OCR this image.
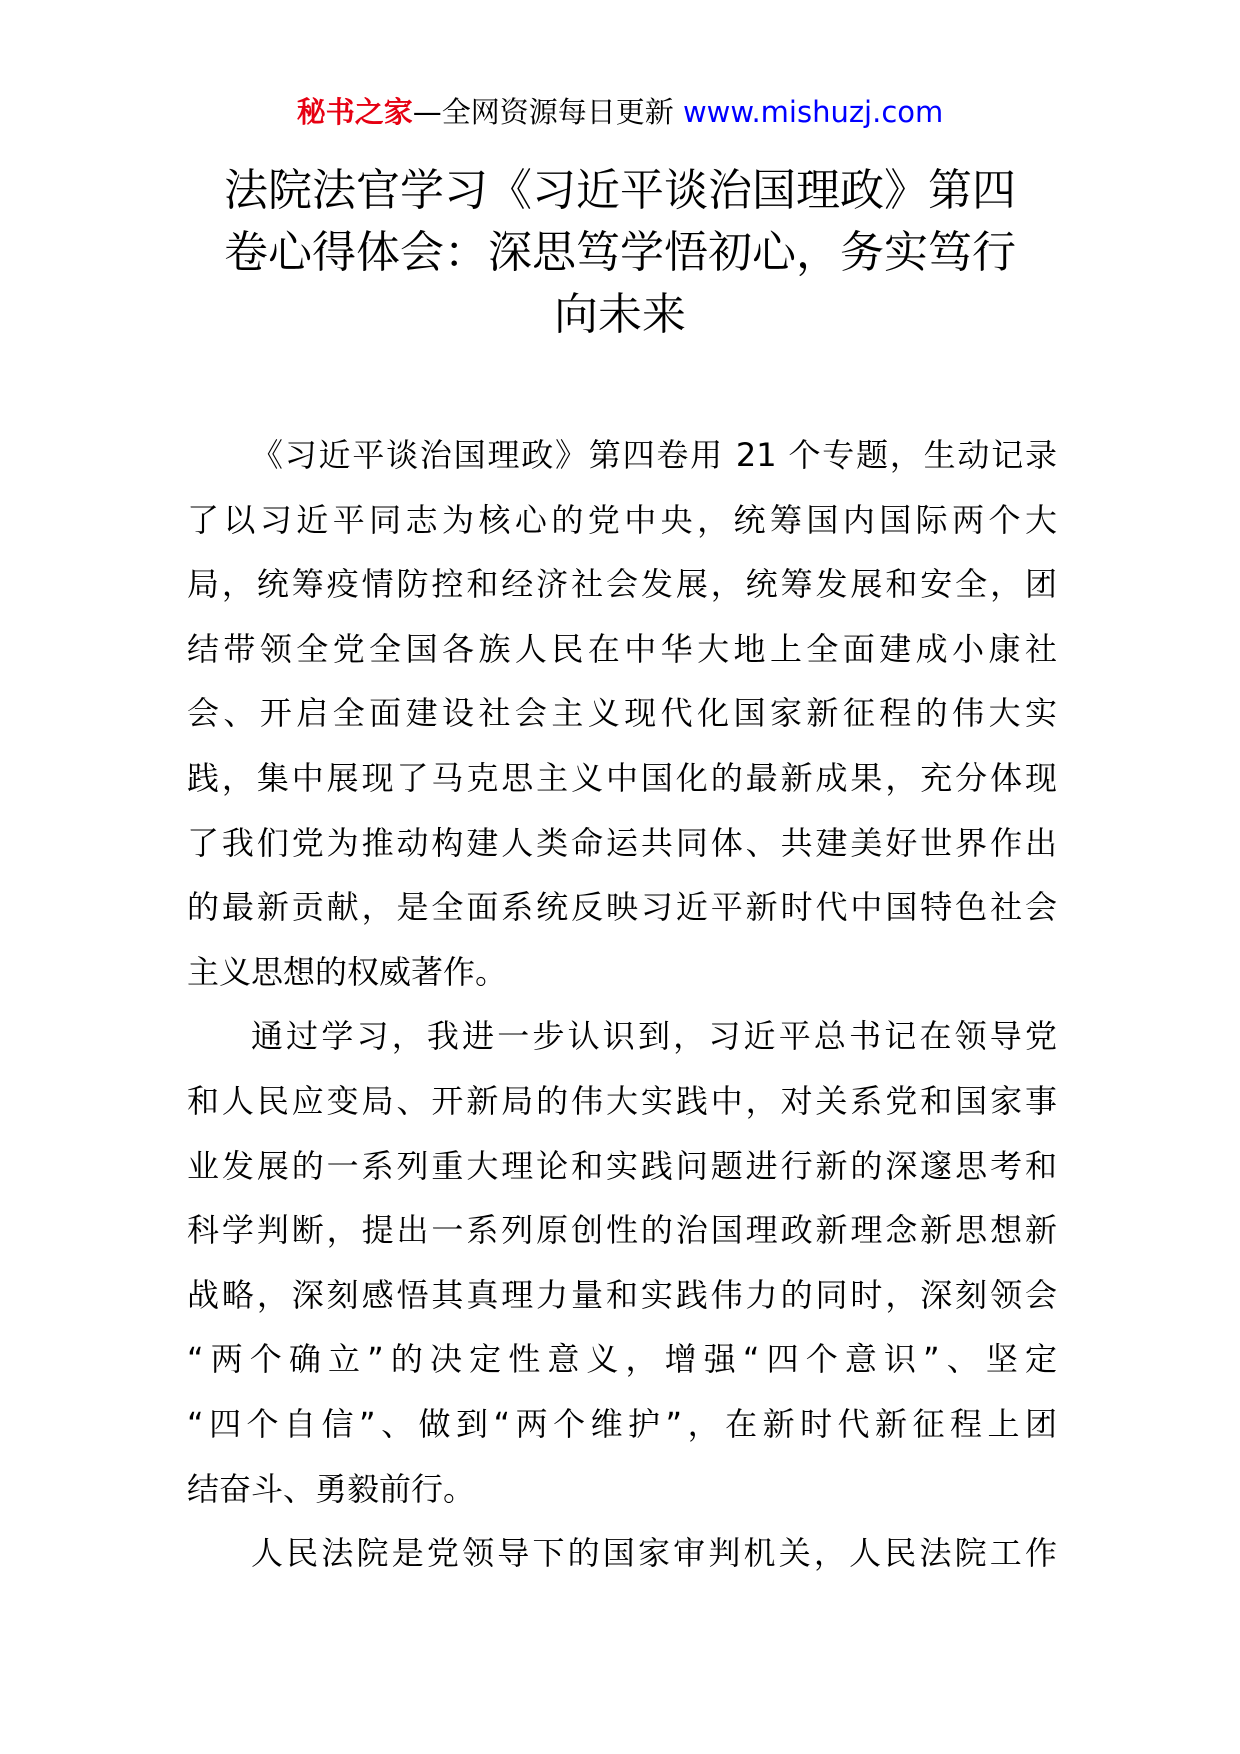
秘书之家—全网资源每日更新 www.mishuzj.com
法院法官学习《习近平谈治国理政》第四
卷心得体会：深思笃学悟初心，务实笃行
向未来
《习近平谈治国理政》第四卷用 21 个专题，生动记录
了以习近平同志为核心的党中央，统筹国内国际两个大
局，统筹疫情防控和经济社会发展，统筹发展和安全，团
结带领全党全国各族人民在中华大地上全面建成小康社
会、开启全面建设社会主义现代化国家新征程的伟大实
践，集中展现了马克思主义中国化的最新成果，充分体现
了我们党为推动构建人类命运共同体、共建美好世界作出
的最新贡献，是全面系统反映习近平新时代中国特色社会
主义思想的权威著作。
通过学习，我进一步认识到，习近平总书记在领导党
和人民应变局、开新局的伟大实践中，对关系党和国家事
业发展的一系列重大理论和实践问题进行新的深邃思考和
科学判断，提出一系列原创性的治国理政新理念新思想新
战略，深刻感悟其真理力量和实践伟力的同时，深刻领会
“两个确立”的决定性意义，增强“四个意识”、坚定
“四个自信”、做到“两个维护”，在新时代新征程上团
结奋斗、勇毅前行。
人民法院是党领导下的国家审判机关，人民法院工作
